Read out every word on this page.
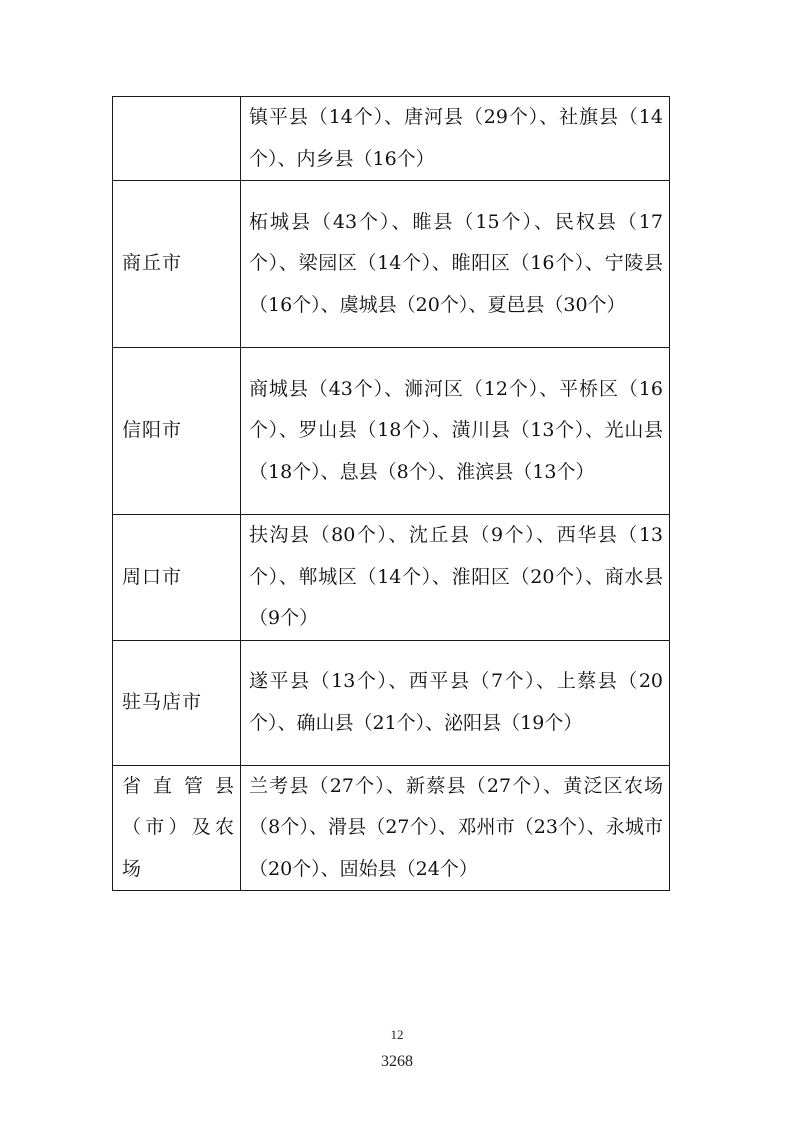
	镇平县（14个）、唐河县（29个）、社旗县（14个）、内乡县（16个）
商丘市	柘城县（43个）、睢县（15个）、民权县（17个）、梁园区（14个）、睢阳区（16个）、宁陵县（16个）、虞城县（20个）、夏邑县（30个）
信阳市	商城县（43个）、浉河区（12个）、平桥区（16个）、罗山县（18个）、潢川县（13个）、光山县（18个）、息县（8个）、淮滨县（13个）
周口市	扶沟县（80个）、沈丘县（9个）、西华县（13个）、郸城区（14个）、淮阳区（20个）、商水县（9个）
驻马店市	遂平县（13个）、西平县（7个）、上蔡县（20个）、确山县（21个）、泌阳县（19个）
省直管县（市）及农场	兰考县（27个）、新蔡县（27个）、黄泛区农场（8个）、滑县（27个）、邓州市（23个）、永城市（20个）、固始县（24个）
12
3268
